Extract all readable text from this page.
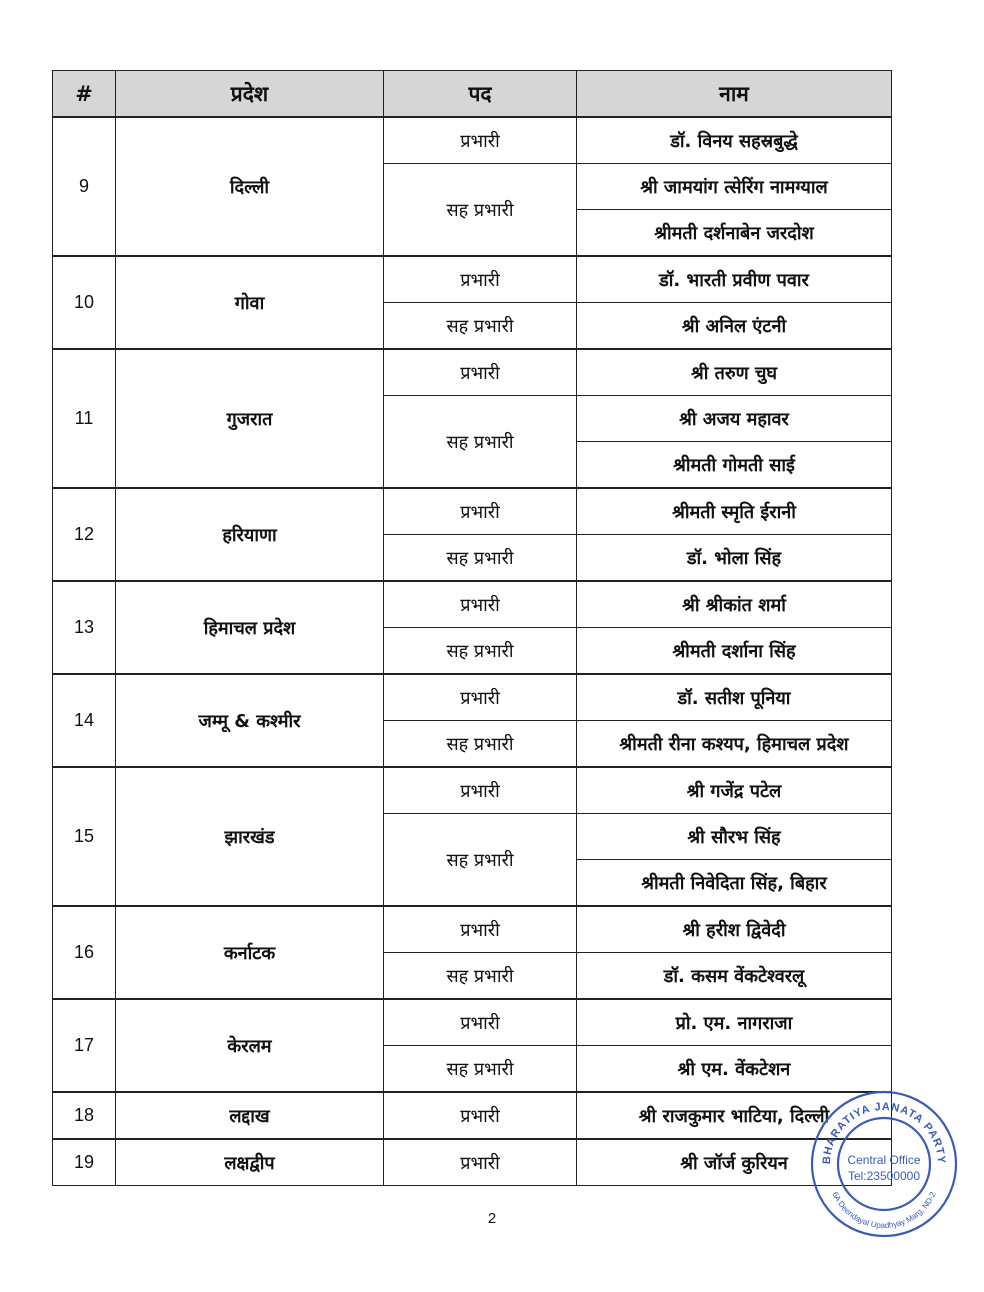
#	प्रदेश	पद	नाम
9	दिल्ली	प्रभारी	डॉ. विनय सहस्रबुद्धे
		सह प्रभारी	श्री जामयांग त्सेरिंग नामग्याल
			श्रीमती दर्शनाबेन जरदोश
10	गोवा	प्रभारी	डॉ. भारती प्रवीण पवार
		सह प्रभारी	श्री अनिल एंटनी
11	गुजरात	प्रभारी	श्री तरुण चुघ
		सह प्रभारी	श्री अजय महावर
			श्रीमती गोमती साई
12	हरियाणा	प्रभारी	श्रीमती स्मृति ईरानी
		सह प्रभारी	डॉ. भोला सिंह
13	हिमाचल प्रदेश	प्रभारी	श्री श्रीकांत शर्मा
		सह प्रभारी	श्रीमती दर्शाना सिंह
14	जम्मू & कश्मीर	प्रभारी	डॉ. सतीश पूनिया
		सह प्रभारी	श्रीमती रीना कश्यप, हिमाचल प्रदेश
15	झारखंड	प्रभारी	श्री गजेंद्र पटेल
		सह प्रभारी	श्री सौरभ सिंह
			श्रीमती निवेदिता सिंह, बिहार
16	कर्नाटक	प्रभारी	श्री हरीश द्विवेदी
		सह प्रभारी	डॉ. कसम वेंकटेश्वरलू
17	केरलम	प्रभारी	प्रो. एम. नागराजा
		सह प्रभारी	श्री एम. वेंकटेशन
18	लद्दाख	प्रभारी	श्री राजकुमार भाटिया, दिल्ली
19	लक्षद्वीप	प्रभारी	श्री जॉर्ज कुरियन
2
BHARATIYA JANATA PARTY
6A Deendayal Upadhyay Marg, ND-2
Central Office
Tel:23500000
